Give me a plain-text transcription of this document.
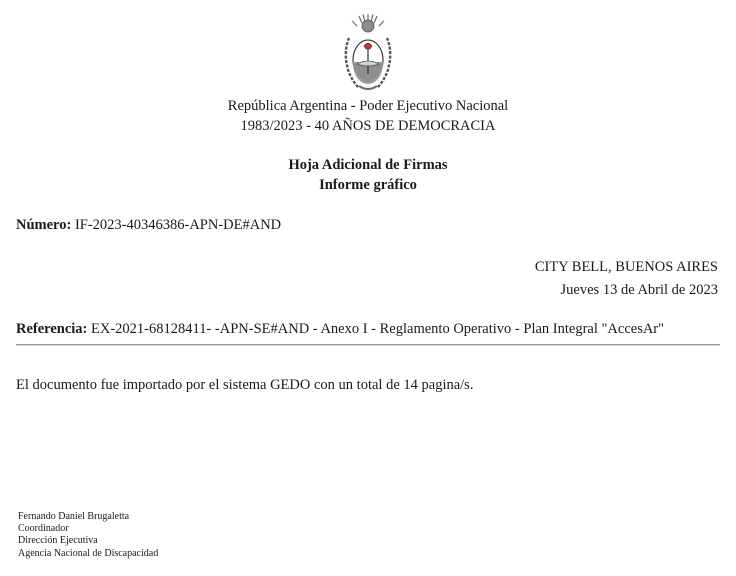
República Argentina - Poder Ejecutivo Nacional
1983/2023 - 40 AÑOS DE DEMOCRACIA
Hoja Adicional de Firmas
Informe gráfico
Número: IF-2023-40346386-APN-DE#AND
CITY BELL, BUENOS AIRES
Jueves 13 de Abril de 2023
Referencia: EX-2021-68128411- -APN-SE#AND - Anexo I - Reglamento Operativo - Plan Integral "AccesAr"
El documento fue importado por el sistema GEDO con un total de 14 pagina/s.
Fernando Daniel Brugaletta
Coordinador
Dirección Ejecutiva
Agencia Nacional de Discapacidad
